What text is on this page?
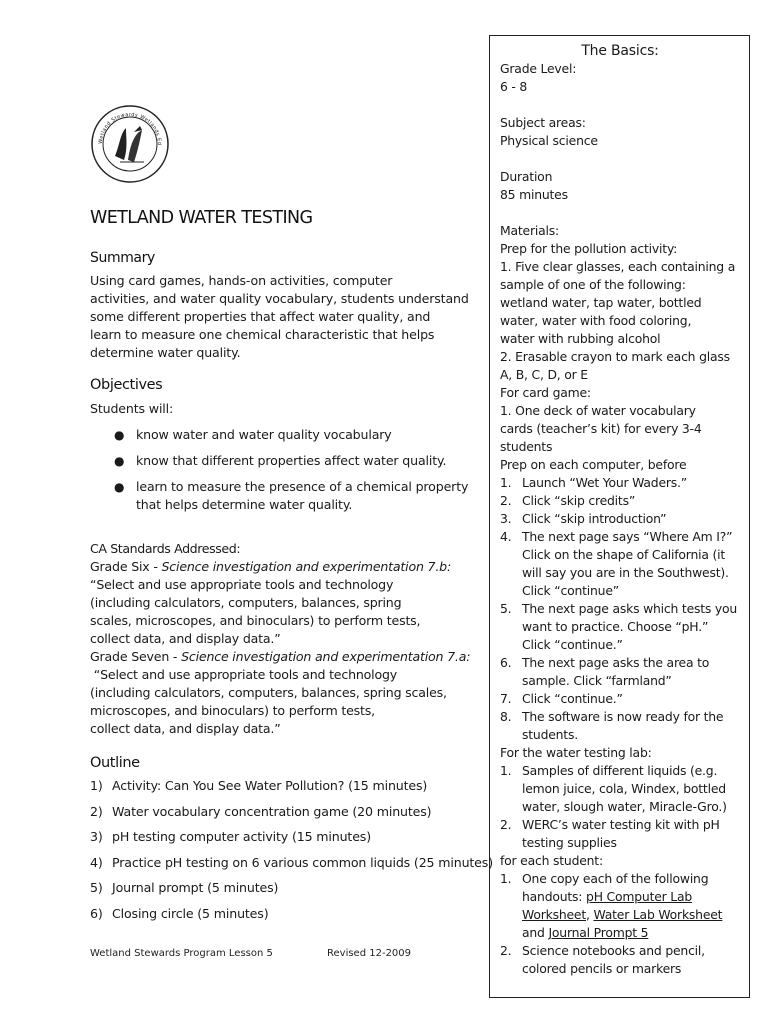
Wetland Stewards Wetlands Ed
WETLAND WATER TESTING
Summary
Using card games, hands-on activities, computer
activities, and water quality vocabulary, students understand
some different properties that affect water quality, and
learn to measure one chemical characteristic that helps
determine water quality.
Objectives
Students will:
● know water and water quality vocabulary
● know that different properties affect water quality.
● learn to measure the presence of a chemical property
that helps determine water quality.
CA Standards Addressed:
Grade Six - Science investigation and experimentation 7.b:
“Select and use appropriate tools and technology
(including calculators, computers, balances, spring
scales, microscopes, and binoculars) to perform tests,
collect data, and display data.”
Grade Seven - Science investigation and experimentation 7.a:
“Select and use appropriate tools and technology
(including calculators, computers, balances, spring scales,
microscopes, and binoculars) to perform tests,
collect data, and display data.”
Outline
1) Activity: Can You See Water Pollution? (15 minutes)
2) Water vocabulary concentration game (20 minutes)
3) pH testing computer activity (15 minutes)
4) Practice pH testing on 6 various common liquids (25 minutes)
5) Journal prompt (5 minutes)
6) Closing circle (5 minutes)
Wetland Stewards Program Lesson 5	Revised 12-2009
The Basics:
Grade Level:
6 - 8
Subject areas:
Physical science
Duration
85 minutes
Materials:
Prep for the pollution activity:
1. Five clear glasses, each containing a
sample of one of the following:
wetland water, tap water, bottled
water, water with food coloring,
water with rubbing alcohol
2. Erasable crayon to mark each glass
A, B, C, D, or E
For card game:
1. One deck of water vocabulary
cards (teacher’s kit) for every 3-4
students
Prep on each computer, before
1. Launch “Wet Your Waders.”
2. Click “skip credits”
3. Click “skip introduction”
4. The next page says “Where Am I?”
Click on the shape of California (it
will say you are in the Southwest).
Click “continue”
5. The next page asks which tests you
want to practice. Choose “pH.”
Click “continue.”
6. The next page asks the area to
sample. Click “farmland”
7. Click “continue.”
8. The software is now ready for the
students.
For the water testing lab:
1. Samples of different liquids (e.g.
lemon juice, cola, Windex, bottled
water, slough water, Miracle-Gro.)
2. WERC’s water testing kit with pH
testing supplies
for each student:
1. One copy each of the following
handouts: pH Computer Lab
Worksheet, Water Lab Worksheet
and Journal Prompt 5
2. Science notebooks and pencil,
colored pencils or markers
